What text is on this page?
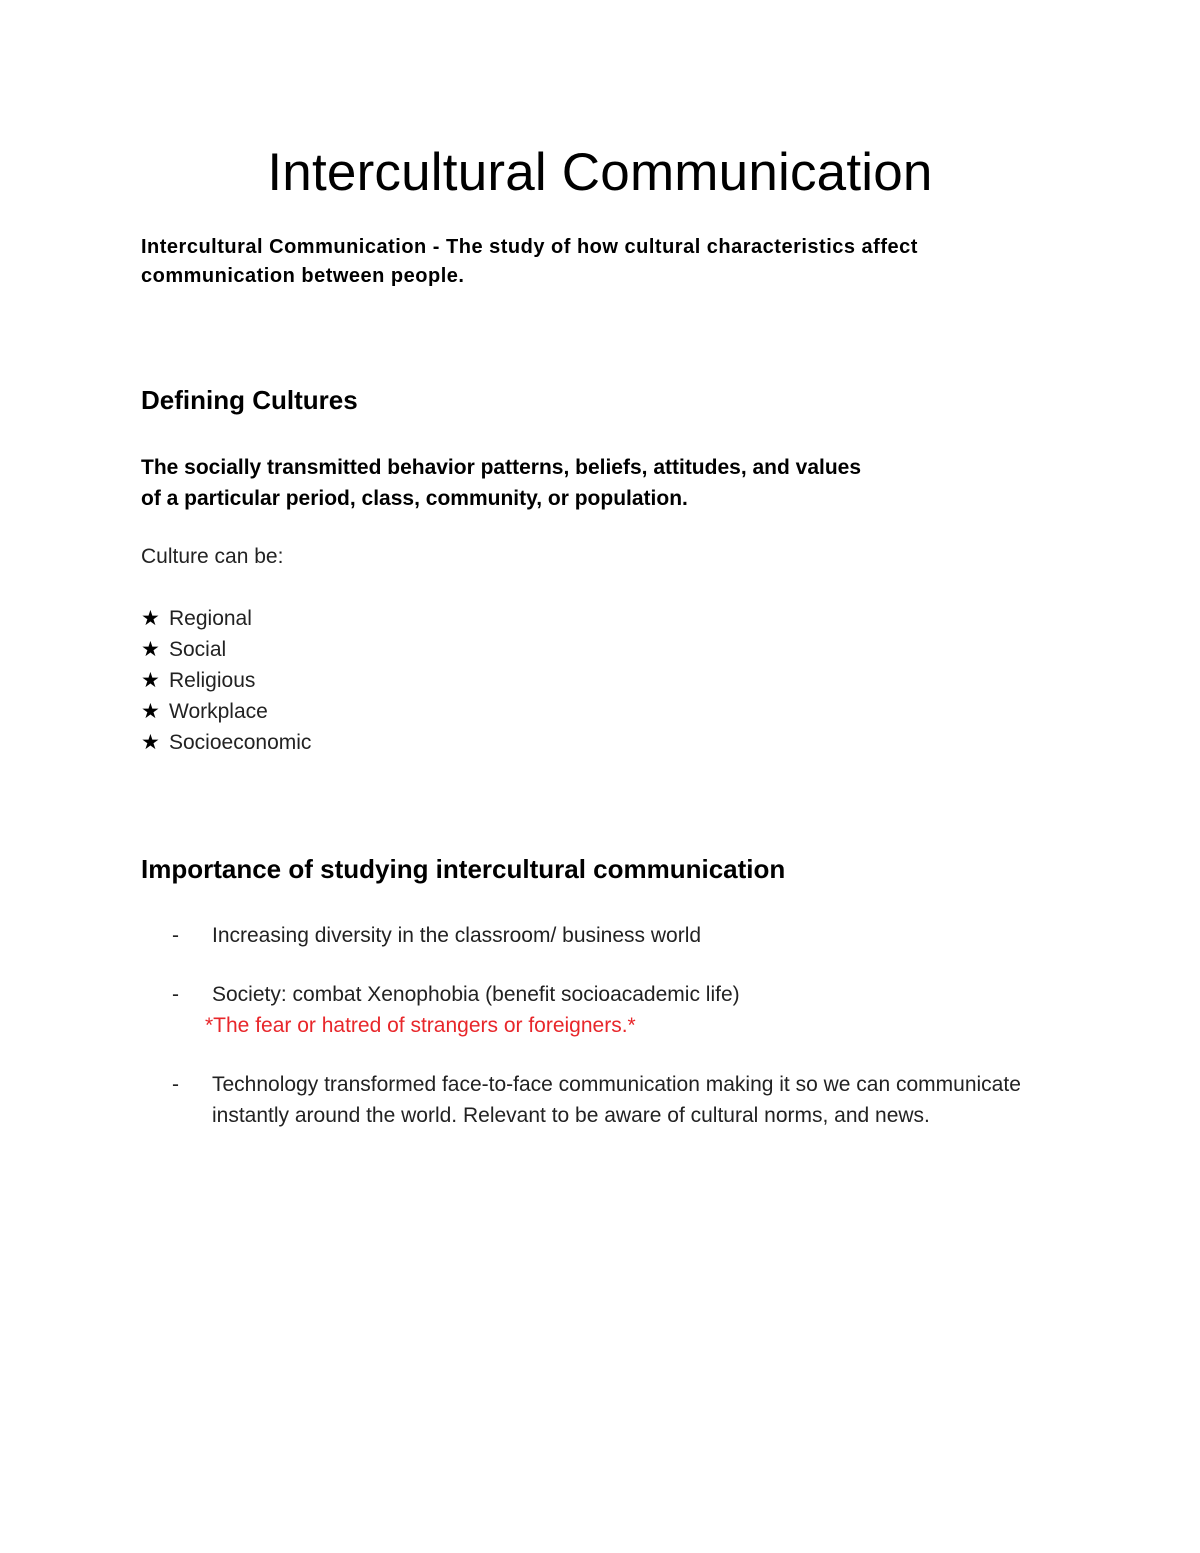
Intercultural Communication

Intercultural Communication - The study of how cultural characteristics affect communication between people.

Defining Cultures

The socially transmitted behavior patterns, beliefs, attitudes, and values
of a particular period, class, community, or population.

Culture can be:

★ Regional
★ Social
★ Religious
★ Workplace
★ Socioeconomic
Importance of studying intercultural communication
- Increasing diversity in the classroom/ business world
- Society: combat Xenophobia (benefit socioacademic life)
*The fear or hatred of strangers or foreigners.*
- Technology transformed face-to-face communication making it so we can communicate instantly around the world. Relevant to be aware of cultural norms, and news.
